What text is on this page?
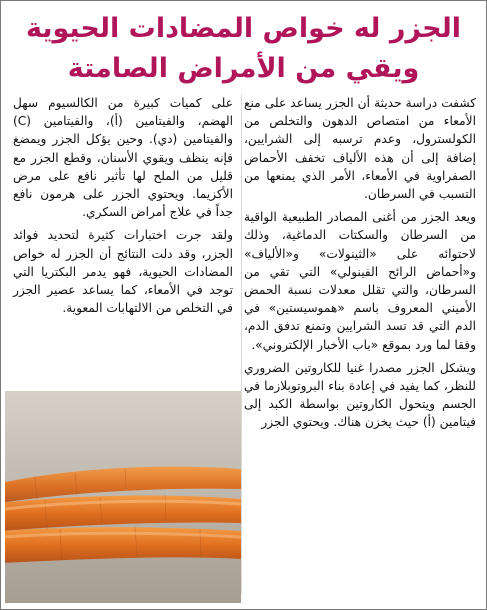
الجزر له خواص المضادات الحيوية
ويقي من الأمراض الصامتة

كشفت دراسة حديثة أن الجزر يساعد على منع الأمعاء من امتصاص الدهون والتخلص من الكولسترول، وعدم ترسبه إلى الشرايين، إضافة إلى أن هذه الألياف تخفف الأحماض الصفراوية في الأمعاء، الأمر الذي يمنعها من التسبب في السرطان.

ويعد الجزر من أغنى المصادر الطبيعية الواقية من السرطان والسكتات الدماغية، وذلك لاحتوائه على «الثينولات» و«الألياف» و«أحماض الرائح الفينولي» التي تقي من السرطان، والتي تقلل معدلات نسبة الحمض الأميني المعروف باسم «هموسيستين» في الدم التي قد تسد الشرايين وتمنع تدفق الدم، وفقا لما ورد بموقع «باب الأخبار الإلكتروني».

ويشكل الجزر مصدرا غنيا للكاروتين الضروري للنظر، كما يفيد في إعادة بناء البروتوبلازما في الجسم ويتحول الكاروتين بواسطة الكبد إلى فيتامين (أ) حيث يخزن هناك. ويحتوي الجزر

على كميات كبيرة من الكالسيوم سهل الهضم، والفيتامين (أ)، والفيتامين (C) والفيتامين (دي). وحين يؤكل الجزر ويمضغ فإنه ينظف ويقوي الأسنان، وقطع الجزر مع قليل من الملح لها تأثير نافع على مرض الأكزيما. ويحتوي الجزر على هرمون نافع جداً في علاج أمراض السكري.

ولقد جرت اختبارات كثيرة لتحديد فوائد الجزر، وقد دلت النتائج أن الجزر له خواص المضادات الحيوية، فهو يدمر البكتريا التي توجد في الأمعاء، كما يساعد عصير الجزر في التخلص من الالتهابات المعوية.
